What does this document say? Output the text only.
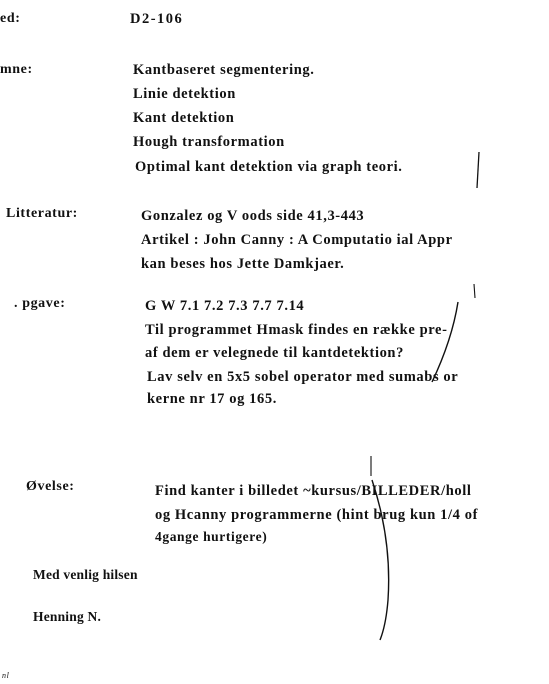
ed:	D2-106
mne:	Kantbaseret segmentering.
Linie detektion
Kant detektion
Hough transformation
Optimal kant detektion via graph teori.
Litteratur:	Gonzalez og V oods side 41,3-443
Artikel : John Canny : A Computatio ial Appr
kan beses hos Jette Damkjaer.
. pgave:	G W 7.1 7.2 7.3 7.7 7.14
Til programmet Hmask findes en række pre-
af dem er velegnede til kantdetektion?
Lav selv en 5x5 sobel operator med sumabs or
kerne nr 17 og 165.
Øvelse:	Find kanter i billedet ~kursus/BILLEDER/holl
og Hcanny programmerne (hint brug kun 1/4 of
4gange hurtigere)
Med venlig hilsen
Henning N.
nl
